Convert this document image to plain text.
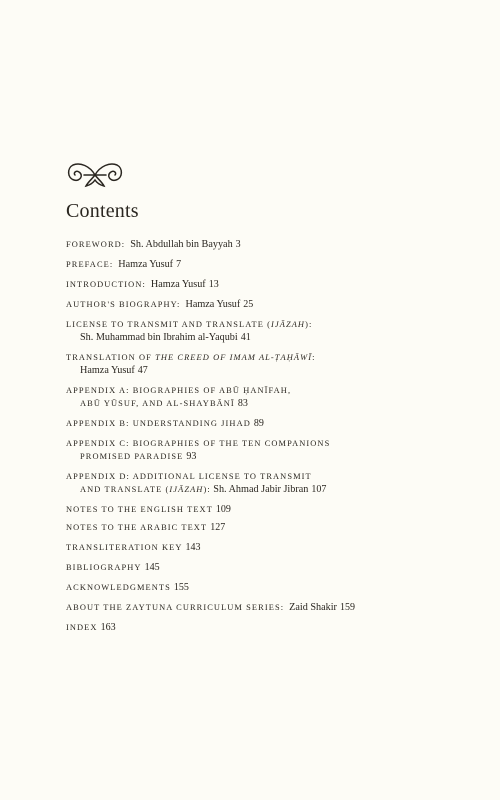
Contents
FOREWORD: Sh. Abdullah bin Bayyah 3
PREFACE: Hamza Yusuf 7
INTRODUCTION: Hamza Yusuf 13
AUTHOR'S BIOGRAPHY: Hamza Yusuf 25
LICENSE TO TRANSMIT AND TRANSLATE (IJĀZAH):
Sh. Muhammad bin Ibrahim al-Yaqubi 41
TRANSLATION OF THE CREED OF IMAM AL-ṬAḤĀWĪ:
Hamza Yusuf 47
APPENDIX A: BIOGRAPHIES OF ABŪ ḤANĪFAH,
ABŪ YŪSUF, AND AL-SHAYBĀNĪ 83
APPENDIX B: UNDERSTANDING JIHAD 89
APPENDIX C: BIOGRAPHIES OF THE TEN COMPANIONS
PROMISED PARADISE 93
APPENDIX D: ADDITIONAL LICENSE TO TRANSMIT
AND TRANSLATE (IJĀZAH): Sh. Ahmad Jabir Jibran 107
NOTES TO THE ENGLISH TEXT 109
NOTES TO THE ARABIC TEXT 127
TRANSLITERATION KEY 143
BIBLIOGRAPHY 145
ACKNOWLEDGMENTS 155
ABOUT THE ZAYTUNA CURRICULUM SERIES: Zaid Shakir 159
INDEX 163
